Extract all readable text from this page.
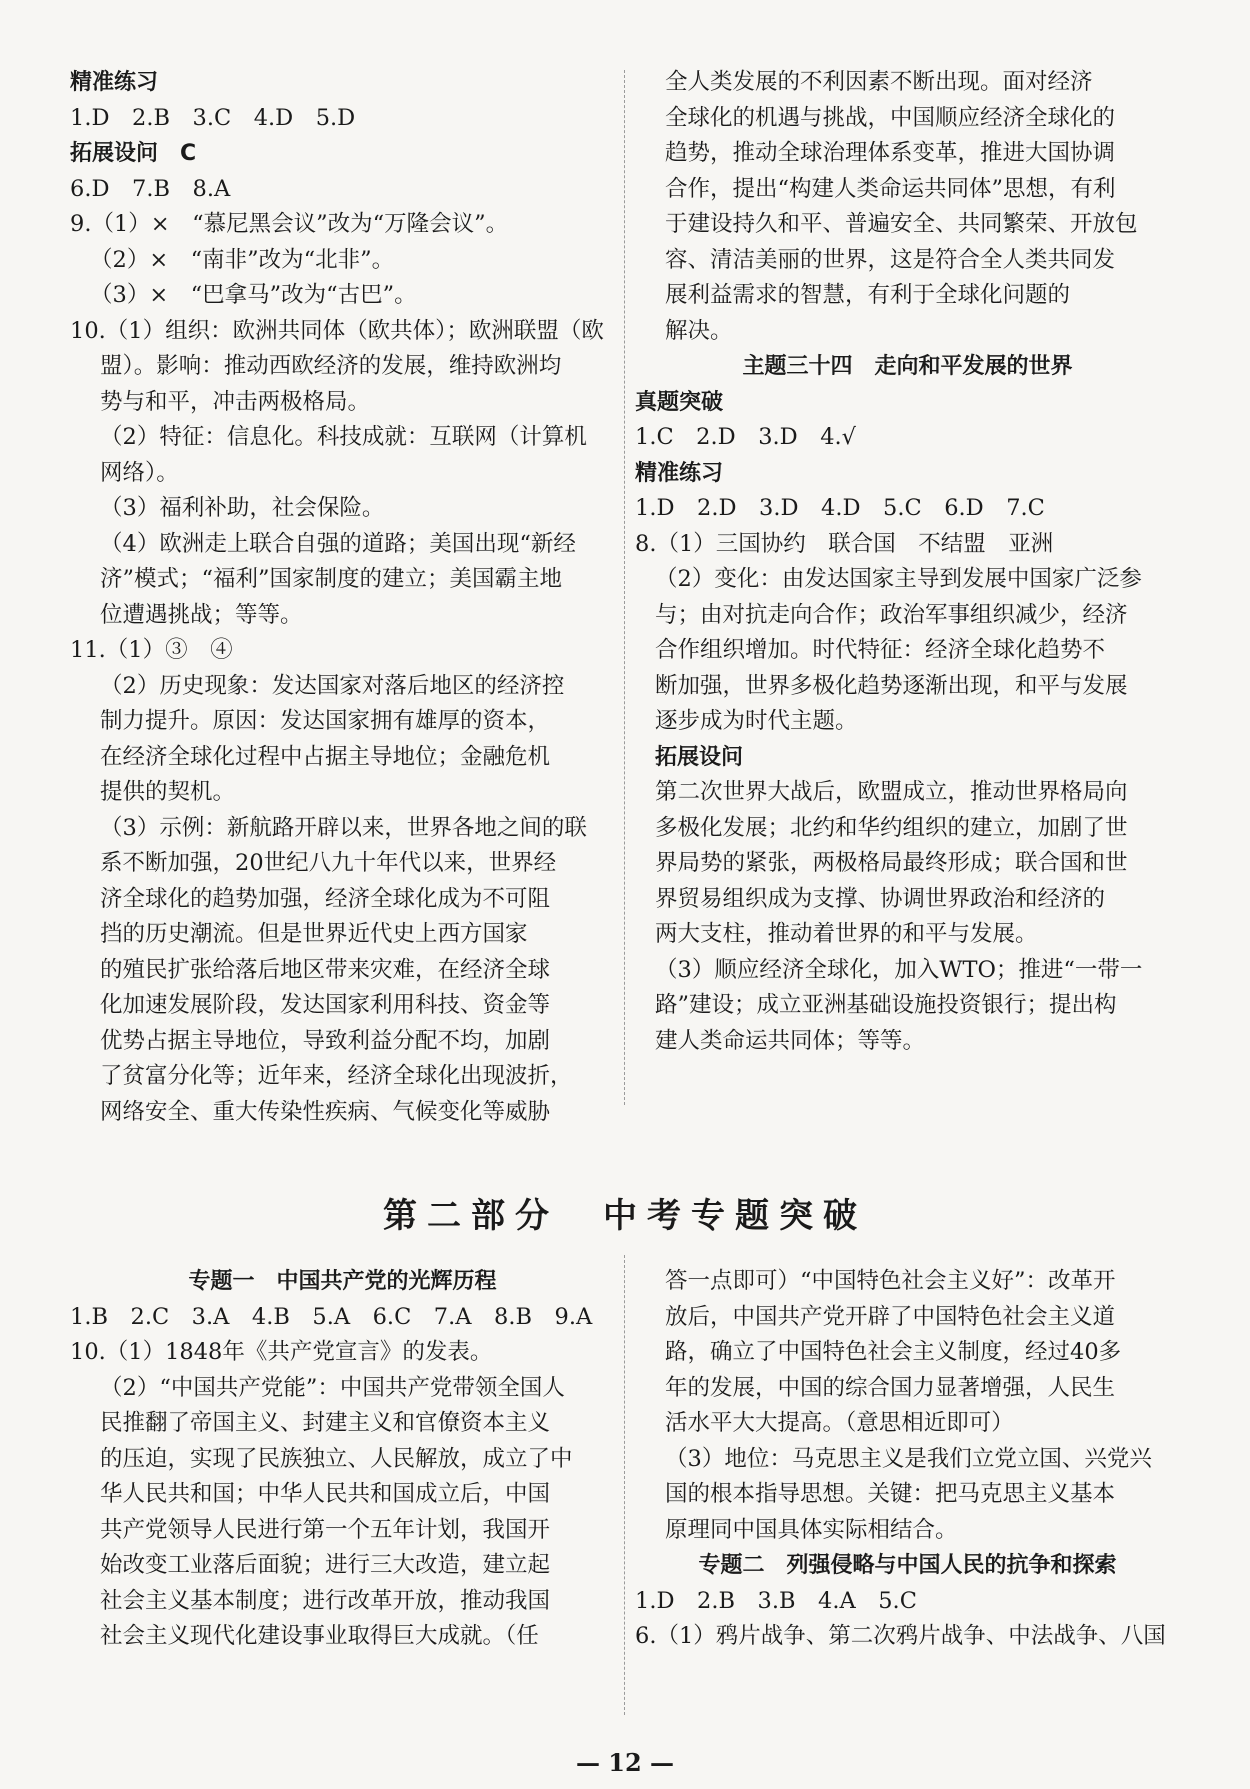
精准练习
1.D　2.B　3.C　4.D　5.D
拓展设问　C
6.D　7.B　8.A
9.（1）×　“慕尼黑会议”改为“万隆会议”。
（2）×　“南非”改为“北非”。
（3）×　“巴拿马”改为“古巴”。
10.（1）组织：欧洲共同体（欧共体）；欧洲联盟（欧
盟）。影响：推动西欧经济的发展，维持欧洲均
势与和平，冲击两极格局。
（2）特征：信息化。科技成就：互联网（计算机
网络）。
（3）福利补助，社会保险。
（4）欧洲走上联合自强的道路；美国出现“新经
济”模式；“福利”国家制度的建立；美国霸主地
位遭遇挑战；等等。
11.（1）③　④
（2）历史现象：发达国家对落后地区的经济控
制力提升。原因：发达国家拥有雄厚的资本，
在经济全球化过程中占据主导地位；金融危机
提供的契机。
（3）示例：新航路开辟以来，世界各地之间的联
系不断加强，20世纪八九十年代以来，世界经
济全球化的趋势加强，经济全球化成为不可阻
挡的历史潮流。但是世界近代史上西方国家
的殖民扩张给落后地区带来灾难，在经济全球
化加速发展阶段，发达国家利用科技、资金等
优势占据主导地位，导致利益分配不均，加剧
了贫富分化等；近年来，经济全球化出现波折，
网络安全、重大传染性疾病、气候变化等威胁
全人类发展的不利因素不断出现。面对经济
全球化的机遇与挑战，中国顺应经济全球化的
趋势，推动全球治理体系变革，推进大国协调
合作，提出“构建人类命运共同体”思想，有利
于建设持久和平、普遍安全、共同繁荣、开放包
容、清洁美丽的世界，这是符合全人类共同发
展利益需求的智慧，有利于全球化问题的
解决。
主题三十四　走向和平发展的世界
真题突破
1.C　2.D　3.D　4.√
精准练习
1.D　2.D　3.D　4.D　5.C　6.D　7.C
8.（1）三国协约　联合国　不结盟　亚洲
（2）变化：由发达国家主导到发展中国家广泛参
与；由对抗走向合作；政治军事组织减少，经济
合作组织增加。时代特征：经济全球化趋势不
断加强，世界多极化趋势逐渐出现，和平与发展
逐步成为时代主题。
拓展设问
第二次世界大战后，欧盟成立，推动世界格局向
多极化发展；北约和华约组织的建立，加剧了世
界局势的紧张，两极格局最终形成；联合国和世
界贸易组织成为支撑、协调世界政治和经济的
两大支柱，推动着世界的和平与发展。
（3）顺应经济全球化，加入WTO；推进“一带一
路”建设；成立亚洲基础设施投资银行；提出构
建人类命运共同体；等等。
第二部分　中考专题突破
专题一　中国共产党的光辉历程
1.B　2.C　3.A　4.B　5.A　6.C　7.A　8.B　9.A
10.（1）1848年《共产党宣言》的发表。
（2）“中国共产党能”：中国共产党带领全国人
民推翻了帝国主义、封建主义和官僚资本主义
的压迫，实现了民族独立、人民解放，成立了中
华人民共和国；中华人民共和国成立后，中国
共产党领导人民进行第一个五年计划，我国开
始改变工业落后面貌；进行三大改造，建立起
社会主义基本制度；进行改革开放，推动我国
社会主义现代化建设事业取得巨大成就。（任
答一点即可）“中国特色社会主义好”：改革开
放后，中国共产党开辟了中国特色社会主义道
路，确立了中国特色社会主义制度，经过40多
年的发展，中国的综合国力显著增强，人民生
活水平大大提高。（意思相近即可）
（3）地位：马克思主义是我们立党立国、兴党兴
国的根本指导思想。关键：把马克思主义基本
原理同中国具体实际相结合。
专题二　列强侵略与中国人民的抗争和探索
1.D　2.B　3.B　4.A　5.C
6.（1）鸦片战争、第二次鸦片战争、中法战争、八国
— 12 —
